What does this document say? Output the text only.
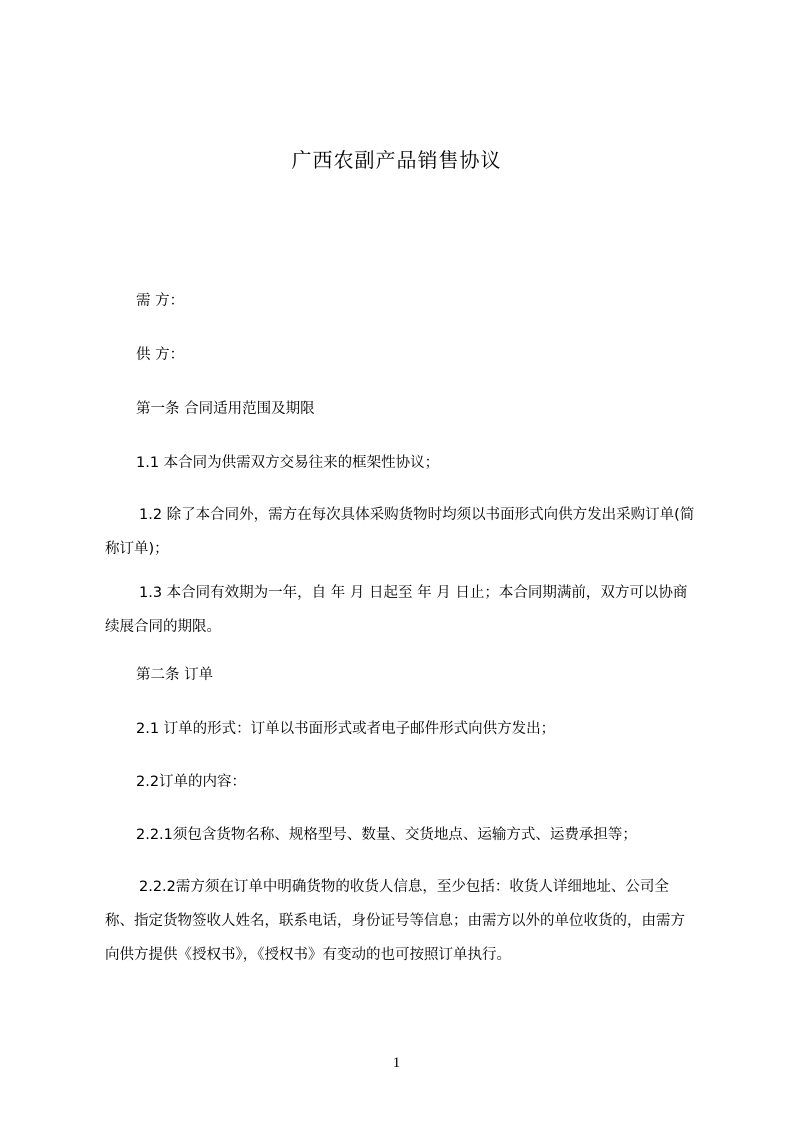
广西农副产品销售协议

需 方：

供 方：

第一条 合同适用范围及期限

1.1 本合同为供需双方交易往来的框架性协议；

1.2 除了本合同外，需方在每次具体采购货物时均须以书面形式向供方发出采购订单(简称订单)；

1.3 本合同有效期为一年，自 年 月 日起至 年 月 日止；本合同期满前，双方可以协商续展合同的期限。

第二条 订单

2.1 订单的形式：订单以书面形式或者电子邮件形式向供方发出；

2.2订单的内容：

2.2.1须包含货物名称、规格型号、数量、交货地点、运输方式、运费承担等；

2.2.2需方须在订单中明确货物的收货人信息，至少包括：收货人详细地址、公司全称、指定货物签收人姓名，联系电话，身份证号等信息；由需方以外的单位收货的，由需方向供方提供《授权书》，《授权书》有变动的也可按照订单执行。

1
